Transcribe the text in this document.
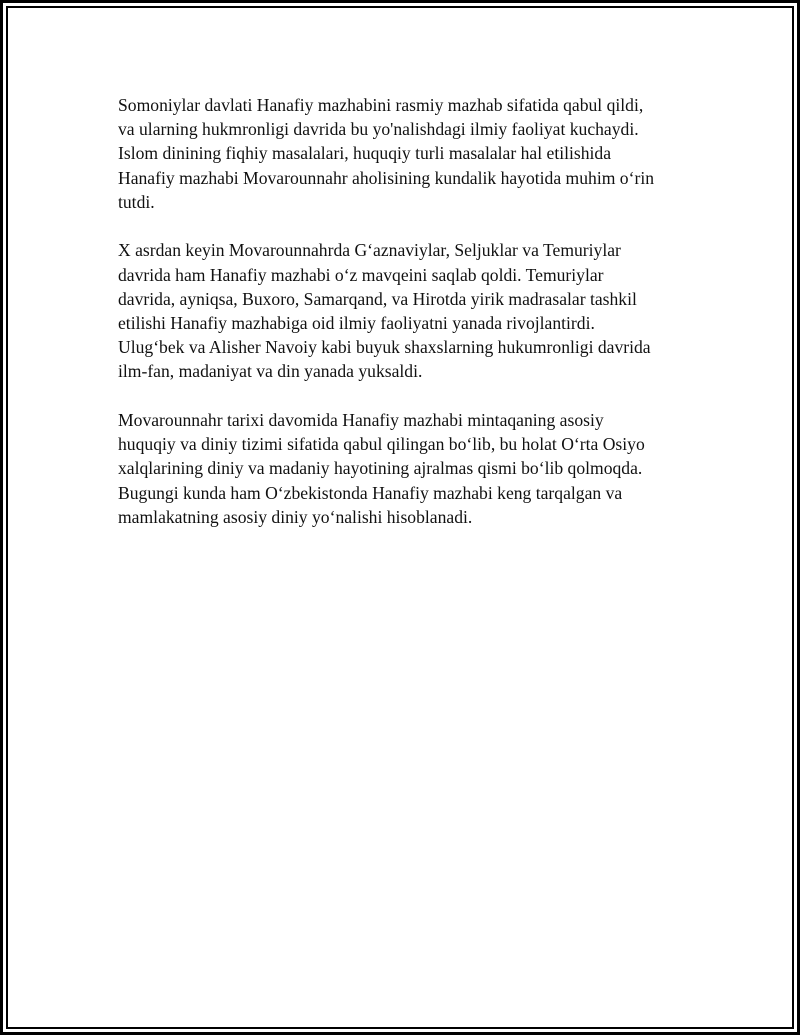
Somoniylar davlati Hanafiy mazhabini rasmiy mazhab sifatida qabul qildi,
va ularning hukmronligi davrida bu yo'nalishdagi ilmiy faoliyat kuchaydi.
Islom dinining fiqhiy masalalari, huquqiy turli masalalar hal etilishida
Hanafiy mazhabi Movarounnahr aholisining kundalik hayotida muhim o‘rin
tutdi.

X asrdan keyin Movarounnahrda G‘aznaviylar, Seljuklar va Temuriylar
davrida ham Hanafiy mazhabi o‘z mavqeini saqlab qoldi. Temuriylar
davrida, ayniqsa, Buxoro, Samarqand, va Hirotda yirik madrasalar tashkil
etilishi Hanafiy mazhabiga oid ilmiy faoliyatni yanada rivojlantirdi.
Ulug‘bek va Alisher Navoiy kabi buyuk shaxslarning hukumronligi davrida
ilm-fan, madaniyat va din yanada yuksaldi.

Movarounnahr tarixi davomida Hanafiy mazhabi mintaqaning asosiy
huquqiy va diniy tizimi sifatida qabul qilingan bo‘lib, bu holat O‘rta Osiyo
xalqlarining diniy va madaniy hayotining ajralmas qismi bo‘lib qolmoqda.
Bugungi kunda ham O‘zbekistonda Hanafiy mazhabi keng tarqalgan va
mamlakatning asosiy diniy yo‘nalishi hisoblanadi.
